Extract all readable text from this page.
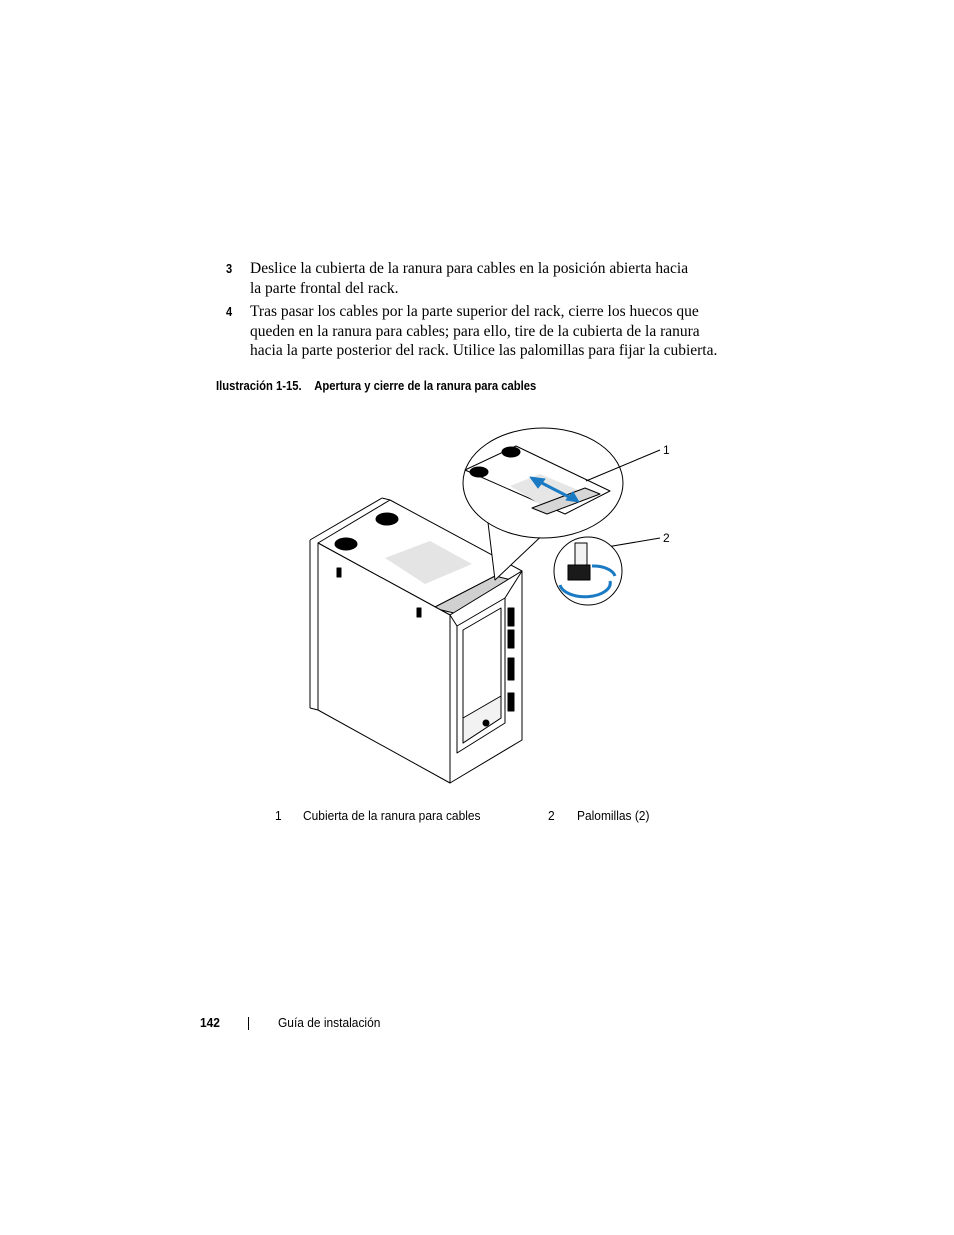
3 Deslice la cubierta de la ranura para cables en la posición abierta hacia
la parte frontal del rack.
4 Tras pasar los cables por la parte superior del rack, cierre los huecos que
queden en la ranura para cables; para ello, tire de la cubierta de la ranura
hacia la parte posterior del rack. Utilice las palomillas para fijar la cubierta.
Ilustración 1-15. Apertura y cierre de la ranura para cables
1
2
1 Cubierta de la ranura para cables	2 Palomillas (2)
142	Guía de instalación
